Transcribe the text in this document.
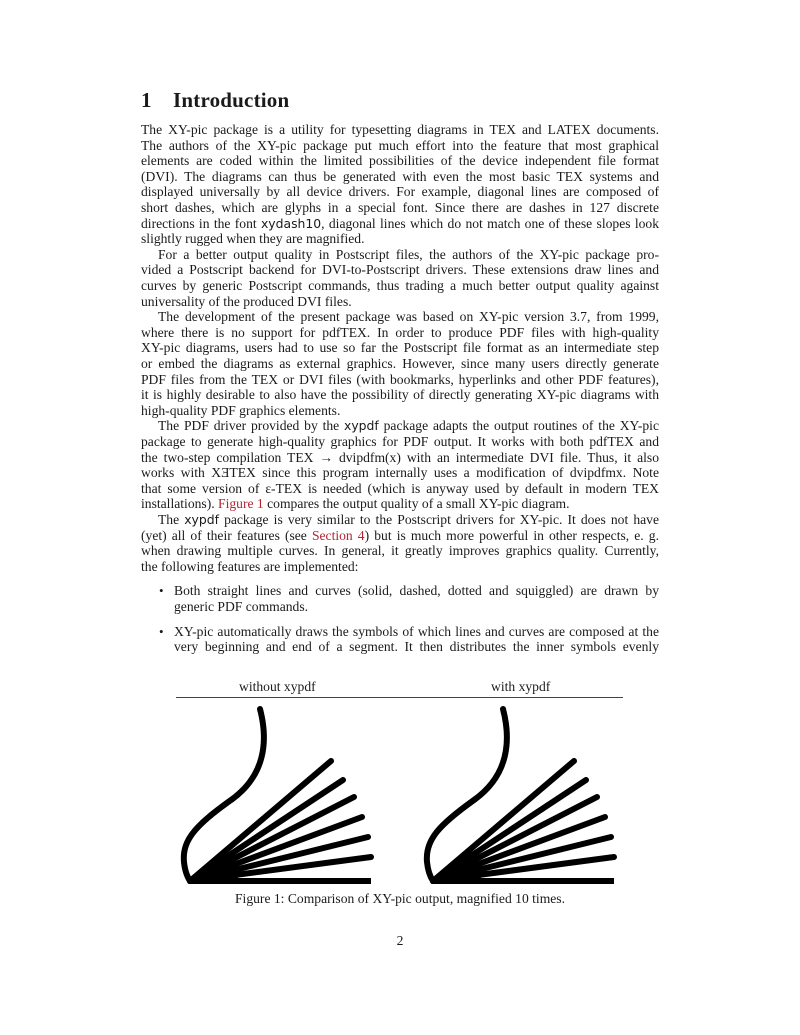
1 Introduction
The XY-pic package is a utility for typesetting diagrams in TEX and LATEX documents.
The authors of the XY-pic package put much effort into the feature that most graphical
elements are coded within the limited possibilities of the device independent file format
(DVI). The diagrams can thus be generated with even the most basic TEX systems and
displayed universally by all device drivers. For example, diagonal lines are composed of
short dashes, which are glyphs in a special font. Since there are dashes in 127 discrete
directions in the font xydash10, diagonal lines which do not match one of these slopes look
slightly rugged when they are magnified.
For a better output quality in Postscript files, the authors of the XY-pic package pro-
vided a Postscript backend for DVI-to-Postscript drivers. These extensions draw lines and
curves by generic Postscript commands, thus trading a much better output quality against
universality of the produced DVI files.
The development of the present package was based on XY-pic version 3.7, from 1999,
where there is no support for pdfTEX. In order to produce PDF files with high-quality
XY-pic diagrams, users had to use so far the Postscript file format as an intermediate step
or embed the diagrams as external graphics. However, since many users directly generate
PDF files from the TEX or DVI files (with bookmarks, hyperlinks and other PDF features),
it is highly desirable to also have the possibility of directly generating XY-pic diagrams with
high-quality PDF graphics elements.
The PDF driver provided by the xypdf package adapts the output routines of the XY-pic
package to generate high-quality graphics for PDF output. It works with both pdfTEX and
the two-step compilation TEX → dvipdfm(x) with an intermediate DVI file. Thus, it also
works with XƎTEX since this program internally uses a modification of dvipdfmx. Note
that some version of ε-TEX is needed (which is anyway used by default in modern TEX
installations). Figure 1 compares the output quality of a small XY-pic diagram.
The xypdf package is very similar to the Postscript drivers for XY-pic. It does not have
(yet) all of their features (see Section 4) but is much more powerful in other respects, e. g.
when drawing multiple curves. In general, it greatly improves graphics quality. Currently,
the following features are implemented:
• Both straight lines and curves (solid, dashed, dotted and squiggled) are drawn by
generic PDF commands.
• XY-pic automatically draws the symbols of which lines and curves are composed at the
very beginning and end of a segment. It then distributes the inner symbols evenly
without xypdf	with xypdf
Figure 1: Comparison of XY-pic output, magnified 10 times.
2
